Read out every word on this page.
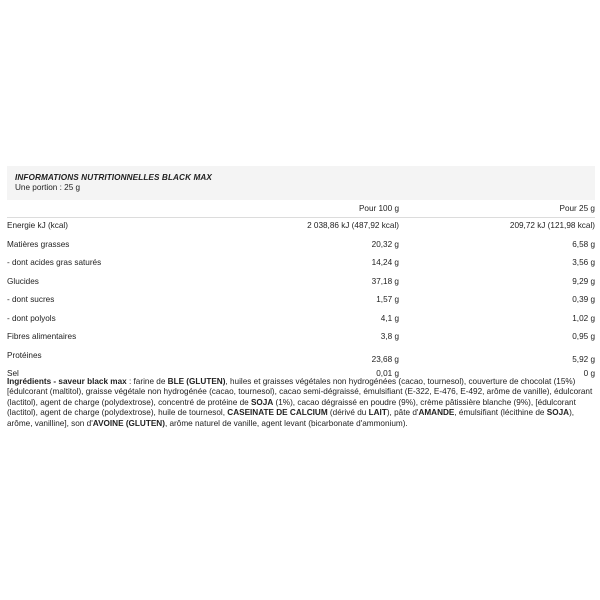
INFORMATIONS NUTRITIONNELLES BLACK MAX
Une portion : 25 g
Pour 100 g	Pour 25 g
Energie kJ (kcal)	2 038,86 kJ (487,92 kcal)	209,72 kJ (121,98 kcal)
Matières grasses	20,32 g	6,58 g
- dont acides gras saturés	14,24 g	3,56 g
Glucides	37,18 g	9,29 g
- dont sucres	1,57 g	0,39 g
- dont polyols	4,1 g	1,02 g
Fibres alimentaires	3,8 g	0,95 g
Protéines	23,68 g	5,92 g
Sel	0,01 g	0 g
Ingrédients - saveur black max : farine de BLE (GLUTEN), huiles et graisses végétales non hydrogénées (cacao, tournesol), couverture de chocolat (15%) [édulcorant (maltitol), graisse végétale non hydrogénée (cacao, tournesol), cacao semi-dégraissé, émulsifiant (E-322, E-476, E-492, arôme de vanille), édulcorant (lactitol), agent de charge (polydextrose), concentré de protéine de SOJA (1%), cacao dégraissé en poudre (9%), crème pâtissière blanche (9%), [édulcorant (lactitol), agent de charge (polydextrose), huile de tournesol, CASEINATE DE CALCIUM (dérivé du LAIT), pâte d'AMANDE, émulsifiant (lécithine de SOJA), arôme, vanilline], son d'AVOINE (GLUTEN), arôme naturel de vanille, agent levant (bicarbonate d'ammonium).
